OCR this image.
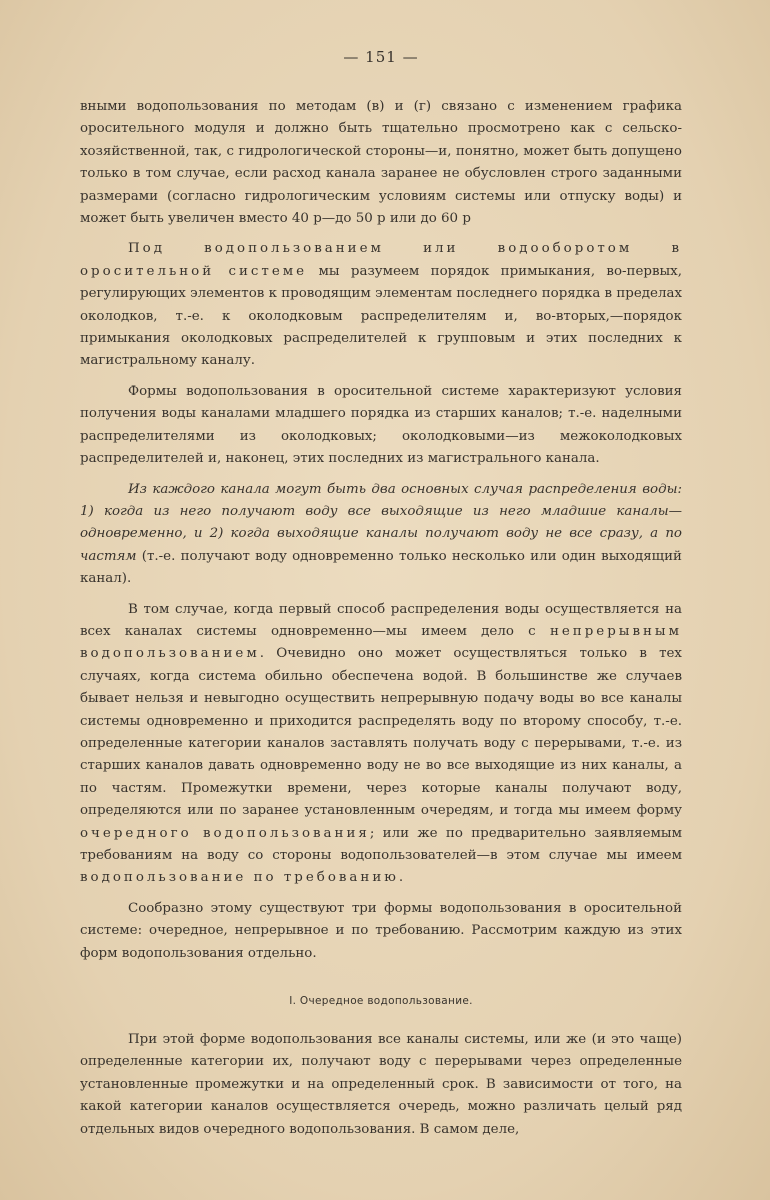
— 151 —

вными водопользования по методам (в) и (г) связано с изменением графика оросительного модуля и должно быть тщательно просмотрено как с сельско-хозяйственной, так, с гидрологической стороны—и, понятно, может быть допущено только в том случае, если расход канала заранее не обусловлен строго заданными размерами (согласно гидрологическим условиям системы или отпуску воды) и может быть увеличен вместо 40 р—до 50 р или до 60 р

Под водопользованием или водооборотом в оросительной системе мы разумеем порядок примыкания, во-первых, регулирующих элементов к проводящим элементам последнего порядка в пределах околодков, т.-е. к околодковым распределителям и, во-вторых,—порядок примыкания околодковых распределителей к групповым и этих последних к магистральному каналу.

Формы водопользования в оросительной системе характеризуют условия получения воды каналами младшего порядка из старших каналов; т.-е. наделными распределителями из околодковых; околодковыми—из межоколодковых распределителей и, наконец, этих последних из магистрального канала.

Из каждого канала могут быть два основных случая распределения воды: 1) когда из него получают воду все выходящие из него младшие каналы—одновременно, и 2) когда выходящие каналы получают воду не все сразу, а по частям (т.-е. получают воду одновременно только несколько или один выходящий канал).

В том случае, когда первый способ распределения воды осуществляется на всех каналах системы одновременно—мы имеем дело с непрерывным водопользованием. Очевидно оно может осуществляться только в тех случаях, когда система обильно обеспечена водой. В большинстве же случаев бывает нельзя и невыгодно осуществить непрерывную подачу воды во все каналы системы одновременно и приходится распределять воду по второму способу, т.-е. определенные категории каналов заставлять получать воду с перерывами, т.-е. из старших каналов давать одновременно воду не во все выходящие из них каналы, а по частям. Промежутки времени, через которые каналы получают воду, определяются или по заранее установленным очередям, и тогда мы имеем форму очередного водопользования; или же по предварительно заявляемым требованиям на воду со стороны водопользователей—в этом случае мы имеем водопользование по требованию.

Сообразно этому существуют три формы водопользования в оросительной системе: очередное, непрерывное и по требованию. Рассмотрим каждую из этих форм водопользования отдельно.

I. Очередное водопользование.

При этой форме водопользования все каналы системы, или же (и это чаще) определенные категории их, получают воду с перерывами через определенные установленные промежутки и на определенный срок. В зависимости от того, на какой категории каналов осуществляется очередь, можно различать целый ряд отдельных видов очередного водопользования. В самом деле,
